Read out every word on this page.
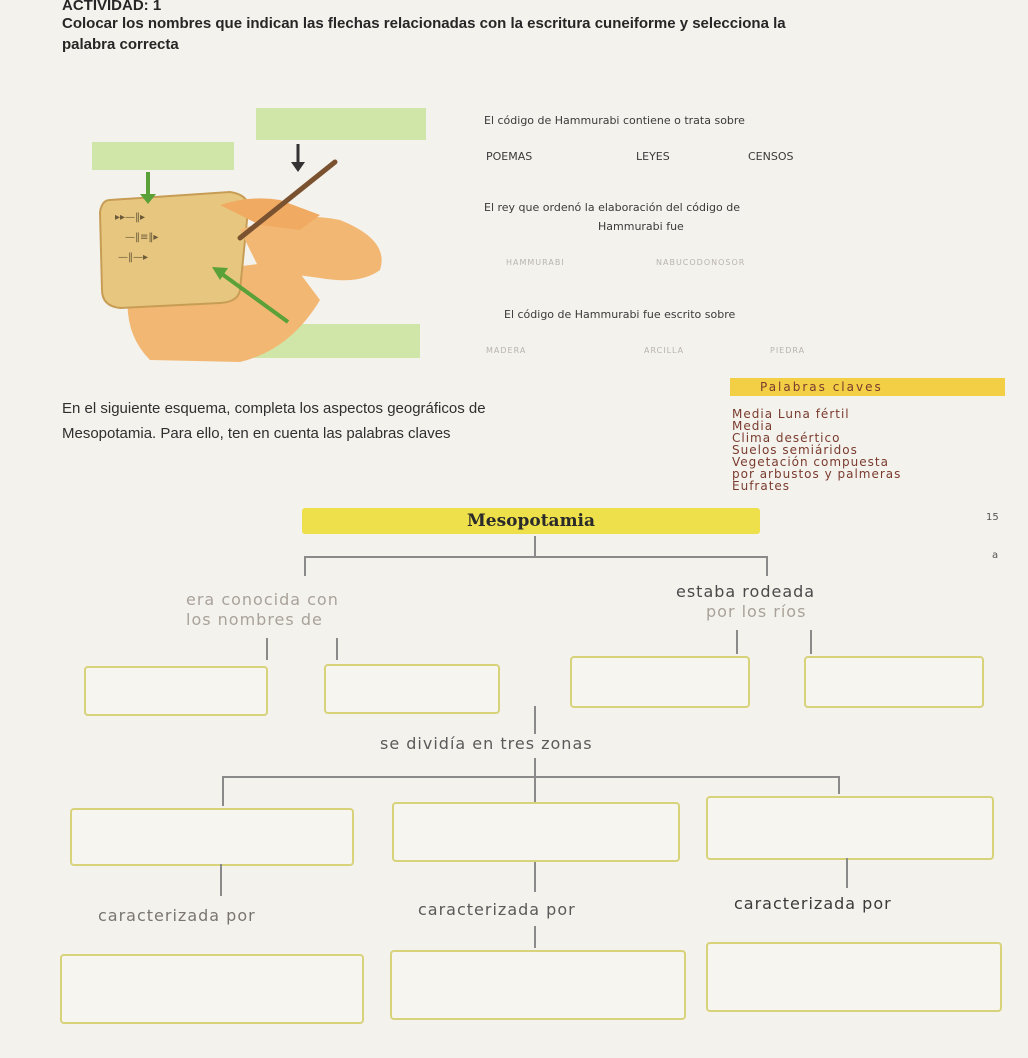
ACTIVIDAD: 1
Colocar los nombres que indican las flechas relacionadas con la escritura cuneiforme y selecciona la
palabra correcta
▸▸—‖▸
—‖≡‖▸
—‖—▸
El código de Hammurabi contiene o trata sobre
POEMAS	LEYES	CENSOS
El rey que ordenó la elaboración del código de
Hammurabi fue
HAMMURABI	NABUCODONOSOR
El código de Hammurabi fue escrito sobre
MADERA	ARCILLA	PIEDRA
En el siguiente esquema, completa los aspectos geográficos de
Mesopotamia. Para ello, ten en cuenta las palabras claves
Palabras claves
Media Luna fértil
Media
Clima desértico
Suelos semiáridos
Vegetación compuesta
por arbustos y palmeras
Eufrates
Mesopotamia	15
a
era conocida con
los nombres de
estaba rodeada
por los ríos
se dividía en tres zonas
caracterizada por	caracterizada por	caracterizada por
